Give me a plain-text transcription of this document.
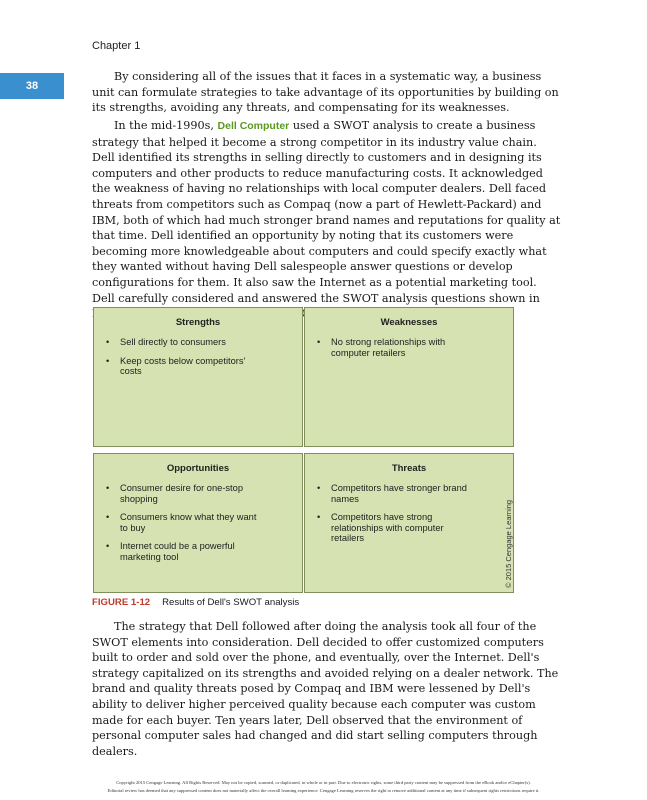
Chapter 1
38

By considering all of the issues that it faces in a systematic way, a business unit can formulate strategies to take advantage of its opportunities by building on its strengths, avoiding any threats, and compensating for its weaknesses.

In the mid-1990s, Dell Computer used a SWOT analysis to create a business strategy that helped it become a strong competitor in its industry value chain. Dell identified its strengths in selling directly to customers and in designing its computers and other products to reduce manufacturing costs. It acknowledged the weakness of having no relationships with local computer dealers. Dell faced threats from competitors such as Compaq (now a part of Hewlett-Packard) and IBM, both of which had much stronger brand names and reputations for quality at that time. Dell identified an opportunity by noting that its customers were becoming more knowledgeable about computers and could specify exactly what they wanted without having Dell salespeople answer questions or develop configurations for them. It also saw the Internet as a potential marketing tool. Dell carefully considered and answered the SWOT analysis questions shown in

Strengths
• Sell directly to consumers
• Keep costs below competitors' costs
Weaknesses
• No strong relationships with computer retailers
Opportunities
• Consumer desire for one-stop shopping
• Consumers know what they want to buy
• Internet could be a powerful marketing tool
Threats
• Competitors have stronger brand names
• Competitors have strong relationships with computer retailers	© 2015 Cengage Learning
FIGURE 1-12 Results of Dell's SWOT analysis

The strategy that Dell followed after doing the analysis took all four of the SWOT elements into consideration. Dell decided to offer customized computers built to order and sold over the phone, and eventually, over the Internet. Dell's strategy capitalized on its strengths and avoided relying on a dealer network. The brand and quality threats posed by Compaq and IBM were lessened by Dell's ability to deliver higher perceived quality because each computer was custom made for each buyer. Ten years later, Dell observed that the environment of personal computer sales had changed and did start selling computers through dealers.

Copyright 2015 Cengage Learning. All Rights Reserved. May not be copied, scanned, or duplicated, in whole or in part. Due to electronic rights, some third party content may be suppressed from the eBook and/or eChapter(s).
Editorial review has deemed that any suppressed content does not materially affect the overall learning experience. Cengage Learning reserves the right to remove additional content at any time if subsequent rights restrictions require it.
